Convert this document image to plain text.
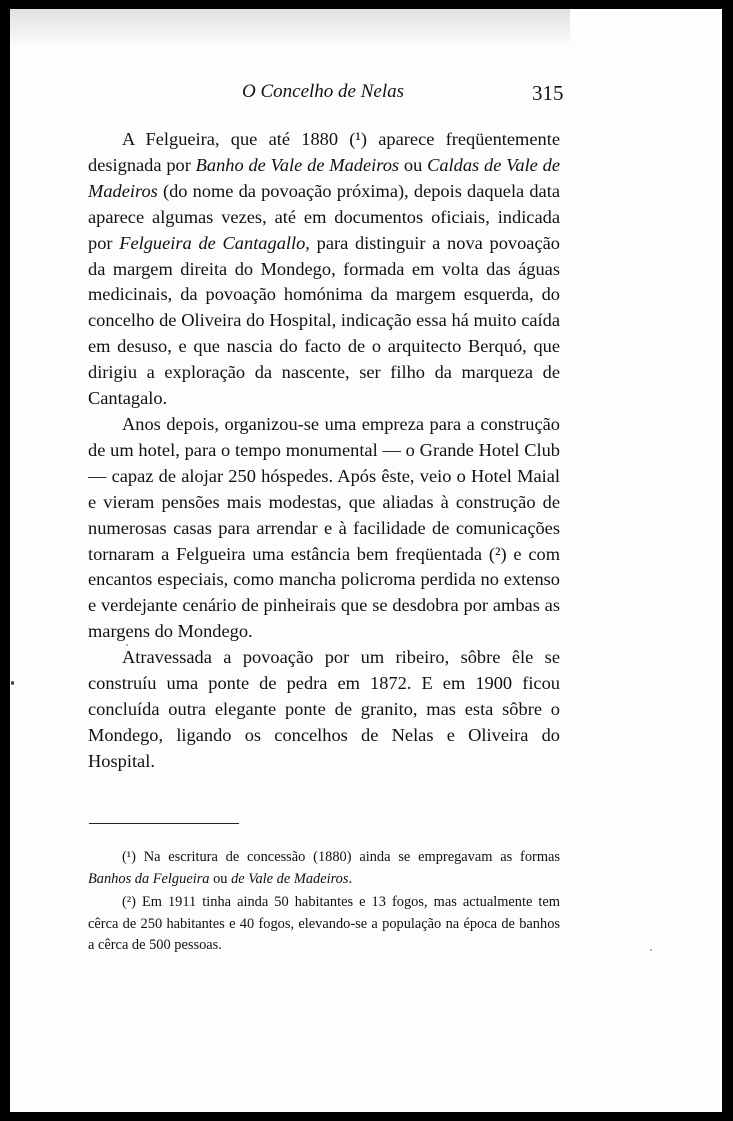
O Concelho de Nelas	315

A Felgueira, que até 1880 (¹) aparece freqüentemente designada por Banho de Vale de Madeiros ou Caldas de Vale de Madeiros (do nome da povoação próxima), depois daquela data aparece algumas vezes, até em documentos oficiais, indicada por Felgueira de Cantagallo, para distinguir a nova povoação da margem direita do Mondego, formada em volta das águas medicinais, da povoação homónima da margem esquerda, do concelho de Oliveira do Hospital, indicação essa há muito caída em desuso, e que nascia do facto de o arquitecto Berquó, que dirigiu a exploração da nascente, ser filho da marqueza de Cantagalo.

Anos depois, organizou-se uma empreza para a construção de um hotel, para o tempo monumental — o Grande Hotel Club — capaz de alojar 250 hóspedes. Após êste, veio o Hotel Maial e vieram pensões mais modestas, que aliadas à construção de numerosas casas para arrendar e à facilidade de comunicações tornaram a Felgueira uma estância bem freqüentada (²) e com encantos especiais, como mancha policroma perdida no extenso e verdejante cenário de pinheirais que se desdobra por ambas as margens do Mondego.

Atravessada a povoação por um ribeiro, sôbre êle se construíu uma ponte de pedra em 1872. E em 1900 ficou concluída outra elegante ponte de granito, mas esta sôbre o Mondego, ligando os concelhos de Nelas e Oliveira do Hospital.

(¹) Na escritura de concessão (1880) ainda se empregavam as formas Banhos da Felgueira ou de Vale de Madeiros.

(²) Em 1911 tinha ainda 50 habitantes e 13 fogos, mas actualmente tem cêrca de 250 habitantes e 40 fogos, elevando-se a população na época de banhos a cêrca de 500 pessoas.
